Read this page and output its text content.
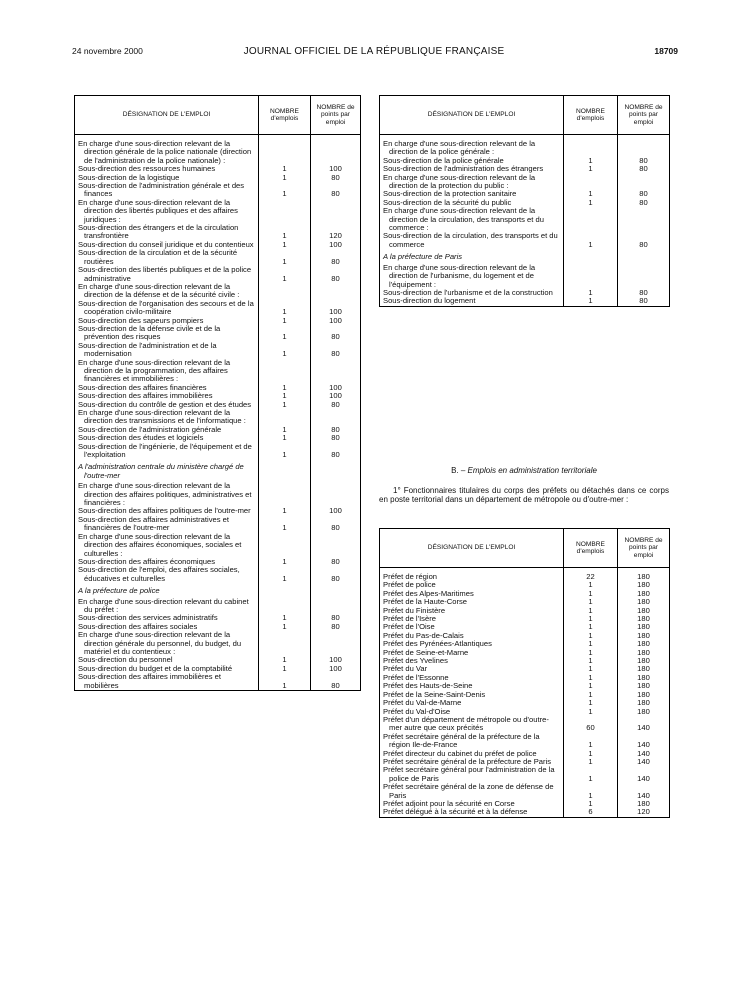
24 novembre 2000	JOURNAL OFFICIEL DE LA RÉPUBLIQUE FRANÇAISE	18709
DÉSIGNATION DE L'EMPLOI	NOMBRE d'emplois	NOMBRE de points par emploi

En charge d'une sous-direction relevant de la direction générale de la police nationale (direction de l'administration de la police nationale) :		

Sous-direction des ressources humaines	1	100

Sous-direction de la logistique	1	80

Sous-direction de l'administration générale et des finances	1	80

En charge d'une sous-direction relevant de la direction des libertés publiques et des affaires juridiques :		

Sous-direction des étrangers et de la circulation transfrontière	1	120

Sous-direction du conseil juridique et du contentieux	1	100

Sous-direction de la circulation et de la sécurité routières	1	80

Sous-direction des libertés publiques et de la police administrative	1	80

En charge d'une sous-direction relevant de la direction de la défense et de la sécurité civile :		

Sous-direction de l'organisation des secours et de la coopération civilo-militaire	1	100

Sous-direction des sapeurs pompiers	1	100

Sous-direction de la défense civile et de la prévention des risques	1	80

Sous-direction de l'administration et de la modernisation	1	80

En charge d'une sous-direction relevant de la direction de la programmation, des affaires financières et immobilières :		

Sous-direction des affaires financières	1	100

Sous-direction des affaires immobilières	1	100

Sous-direction du contrôle de gestion et des études	1	80

En charge d'une sous-direction relevant de la direction des transmissions et de l'informatique :		

Sous-direction de l'administration générale	1	80

Sous-direction des études et logiciels	1	80

Sous-direction de l'ingénierie, de l'équipement et de l'exploitation	1	80

A l'administration centrale du ministère chargé de l'outre-mer		

En charge d'une sous-direction relevant de la direction des affaires politiques, administratives et financières :		

Sous-direction des affaires politiques de l'outre-mer	1	100

Sous-direction des affaires administratives et financières de l'outre-mer	1	80

En charge d'une sous-direction relevant de la direction des affaires économiques, sociales et culturelles :		

Sous-direction des affaires économiques	1	80

Sous-direction de l'emploi, des affaires sociales, éducatives et culturelles	1	80

A la préfecture de police		

En charge d'une sous-direction relevant du cabinet du préfet :		

Sous-direction des services administratifs	1	80

Sous-direction des affaires sociales	1	80

En charge d'une sous-direction relevant de la direction générale du personnel, du budget, du matériel et du contentieux :		

Sous-direction du personnel	1	100

Sous-direction du budget et de la comptabilité	1	100

Sous-direction des affaires immobilières et mobilières	1	80
DÉSIGNATION DE L'EMPLOI	NOMBRE d'emplois	NOMBRE de points par emploi

En charge d'une sous-direction relevant de la direction de la police générale :		

Sous-direction de la police générale	1	80

Sous-direction de l'administration des étrangers	1	80

En charge d'une sous-direction relevant de la direction de la protection du public :		

Sous-direction de la protection sanitaire	1	80

Sous-direction de la sécurité du public	1	80

En charge d'une sous-direction relevant de la direction de la circulation, des transports et du commerce :		

Sous-direction de la circulation, des transports et du commerce	1	80

A la préfecture de Paris		

En charge d'une sous-direction relevant de la direction de l'urbanisme, du logement et de l'équipement :		

Sous-direction de l'urbanisme et de la construction	1	80

Sous-direction du logement	1	80
B. – Emplois en administration territoriale
1° Fonctionnaires titulaires du corps des préfets ou détachés dans ce corps en poste territorial dans un département de métropole ou d'outre-mer :
DÉSIGNATION DE L'EMPLOI	NOMBRE d'emplois	NOMBRE de points par emploi

Préfet de région	22	180

Préfet de police	1	180

Préfet des Alpes-Maritimes	1	180

Préfet de la Haute-Corse	1	180

Préfet du Finistère	1	180

Préfet de l'Isère	1	180

Préfet de l'Oise	1	180

Préfet du Pas-de-Calais	1	180

Préfet des Pyrénées-Atlantiques	1	180

Préfet de Seine-et-Marne	1	180

Préfet des Yvelines	1	180

Préfet du Var	1	180

Préfet de l'Essonne	1	180

Préfet des Hauts-de-Seine	1	180

Préfet de la Seine-Saint-Denis	1	180

Préfet du Val-de-Marne	1	180

Préfet du Val-d'Oise	1	180

Préfet d'un département de métropole ou d'outre-mer autre que ceux précités	60	140

Préfet secrétaire général de la préfecture de la région Ile-de-France	1	140

Préfet directeur du cabinet du préfet de police	1	140

Préfet secrétaire général de la préfecture de Paris	1	140

Préfet secrétaire général pour l'administration de la police de Paris	1	140

Préfet secrétaire général de la zone de défense de Paris	1	140

Préfet adjoint pour la sécurité en Corse	1	180

Préfet délégué à la sécurité et à la défense	6	120
